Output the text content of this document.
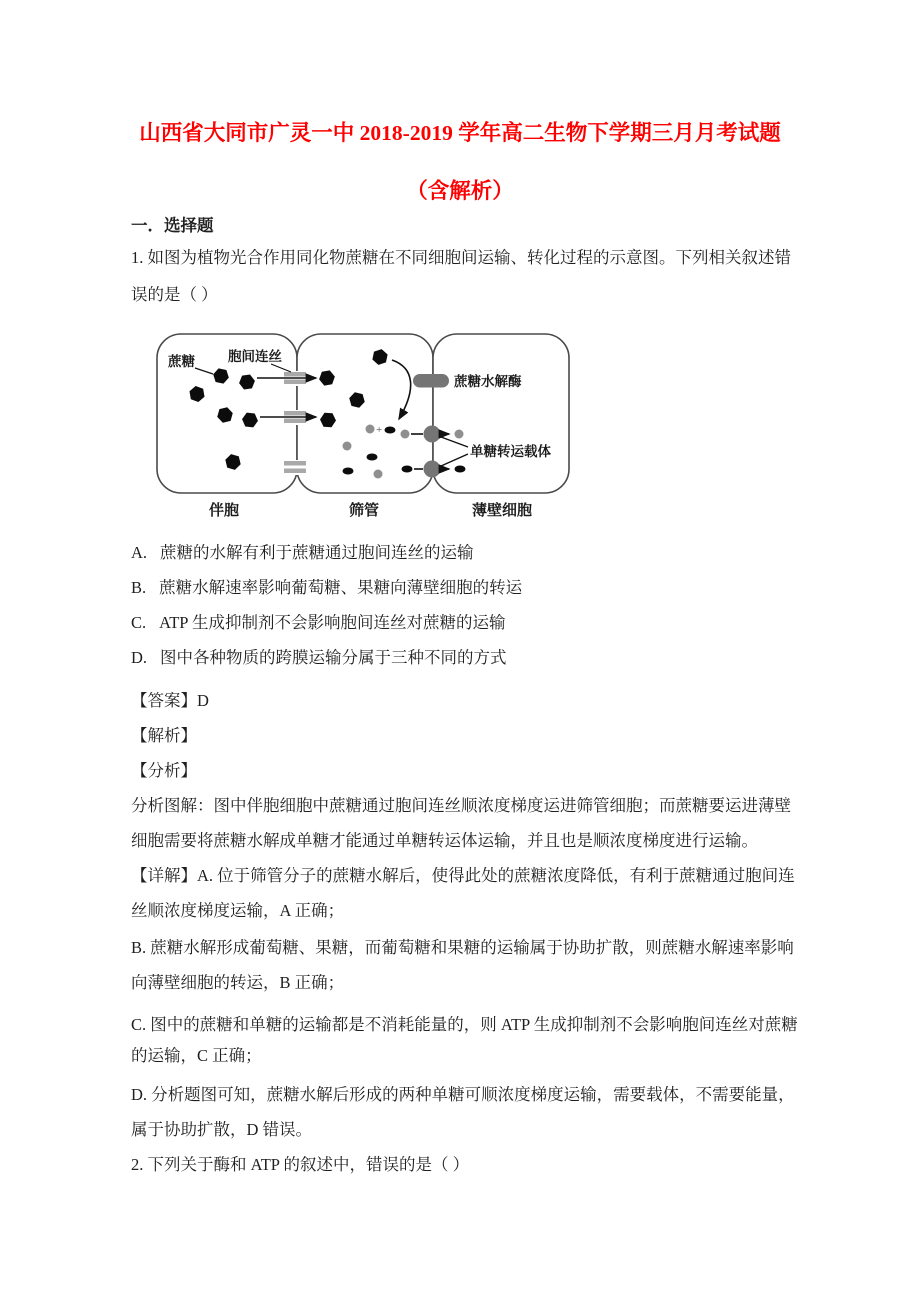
山西省大同市广灵一中 2018-2019 学年高二生物下学期三月月考试题
（含解析）
一．选择题
1. 如图为植物光合作用同化物蔗糖在不同细胞间运输、转化过程的示意图。下列相关叙述错
误的是（ ）
+
蔗糖 胞间连丝
蔗糖水解酶
单糖转运载体
伴胞	筛管	薄壁细胞
A. 蔗糖的水解有利于蔗糖通过胞间连丝的运输
B. 蔗糖水解速率影响葡萄糖、果糖向薄壁细胞的转运
C. ATP 生成抑制剂不会影响胞间连丝对蔗糖的运输
D. 图中各种物质的跨膜运输分属于三种不同的方式
【答案】D
【解析】
【分析】
分析图解：图中伴胞细胞中蔗糖通过胞间连丝顺浓度梯度运进筛管细胞；而蔗糖要运进薄壁
细胞需要将蔗糖水解成单糖才能通过单糖转运体运输，并且也是顺浓度梯度进行运输。
【详解】A. 位于筛管分子的蔗糖水解后，使得此处的蔗糖浓度降低，有利于蔗糖通过胞间连
丝顺浓度梯度运输，A 正确；
B. 蔗糖水解形成葡萄糖、果糖，而葡萄糖和果糖的运输属于协助扩散，则蔗糖水解速率影响
向薄壁细胞的转运，B 正确；
C. 图中的蔗糖和单糖的运输都是不消耗能量的，则 ATP 生成抑制剂不会影响胞间连丝对蔗糖
的运输，C 正确；
D. 分析题图可知，蔗糖水解后形成的两种单糖可顺浓度梯度运输，需要载体，不需要能量，
属于协助扩散，D 错误。
2. 下列关于酶和 ATP 的叙述中，错误的是（ ）
